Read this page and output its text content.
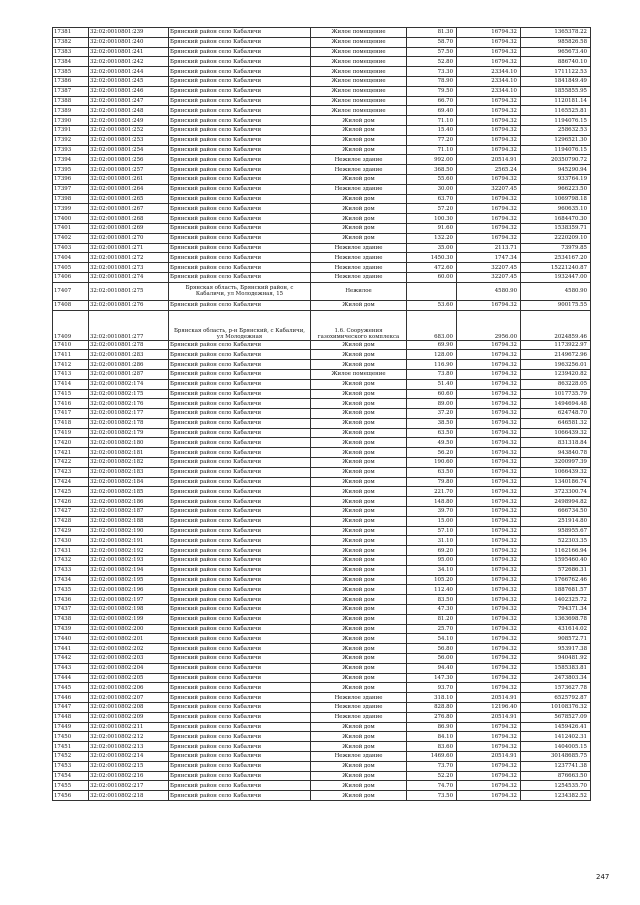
17381	32:02:0010801:239	Брянский район село Кабаличи	Жилое помещение	81.30	16794.32	1365378.22
17382	32:02:0010801:240	Брянский район село Кабаличи	Жилое помещение	58.70	16794.32	985826.58
17383	32:02:0010801:241	Брянский район село Кабаличи	Жилое помещение	57.50	16794.32	965673.40
17384	32:02:0010801:242	Брянский район село Кабаличи	Жилое помещение	52.80	16794.32	886740.10
17385	32:02:0010801:244	Брянский район село Кабаличи	Жилое помещение	73.30	23344.10	1711122.53
17386	32:02:0010801:245	Брянский район село Кабаличи	Жилое помещение	78.90	23344.10	1841849.49
17387	32:02:0010801:246	Брянский район село Кабаличи	Жилое помещение	79.50	23344.10	1855855.95
17388	32:02:0010801:247	Брянский район село Кабаличи	Жилое помещение	66.70	16794.32	1120181.14
17389	32:02:0010801:248	Брянский район село Кабаличи	Жилое помещение	69.40	16794.32	1165525.81
17390	32:02:0010801:249	Брянский район село Кабаличи	Жилой дом	71.10	16794.32	1194076.15
17391	32:02:0010801:252	Брянский район село Кабаличи	Жилой дом	15.40	16794.32	258632.53
17392	32:02:0010801:253	Брянский район село Кабаличи	Жилой дом	77.20	16794.32	1296521.30
17393	32:02:0010801:254	Брянский район село Кабаличи	Жилой дом	71.10	16794.32	1194076.15
17394	32:02:0010801:256	Брянский район село Кабаличи	Нежилое здание	992.00	20514.91	20350790.72
17395	32:02:0010801:257	Брянский район село Кабаличи	Нежилое здание	368.50	2565.24	945290.94
17396	32:02:0010801:261	Брянский район село Кабаличи	Жилой дом	55.60	16794.32	933764.19
17397	32:02:0010801:264	Брянский район село Кабаличи	Нежилое здание	30.00	32207.45	966223.50
17398	32:02:0010801:265	Брянский район село Кабаличи	Жилой дом	63.70	16794.32	1069798.18
17399	32:02:0010801:267	Брянский район село Кабаличи	Жилой дом	57.20	16794.32	960635.10
17400	32:02:0010801:268	Брянский район село Кабаличи	Жилой дом	100.30	16794.32	1684470.30
17401	32:02:0010801:269	Брянский район село Кабаличи	Жилой дом	91.60	16794.32	1538359.71
17402	32:02:0010801:270	Брянский район село Кабаличи	Жилой дом	132.20	16794.32	2220209.10
17403	32:02:0010801:271	Брянский район село Кабаличи	Нежилое здание	35.00	2113.71	73979.85
17404	32:02:0010801:272	Брянский район село Кабаличи	Нежилое здание	1450.30	1747.34	2534167.20
17405	32:02:0010801:273	Брянский район село Кабаличи	Нежилое здание	472.60	32207.45	15221240.87
17406	32:02:0010801:274	Брянский район село Кабаличи	Нежилое здание	60.00	32207.45	1932447.00
17407	32:02:0010801:275	Брянская область, Брянский район, с Кабаличи, ул Молодежная, 15	Нежилое		4580.90	4580.90
17408	32:02:0010801:276	Брянский район село Кабаличи	Жилой дом	53.60	16794.32	900175.55
17409	32:02:0010801:277	Брянская область, р-н Брянский, с Кабаличи, ул Молодежная	1.6. Сооружения газохимического комплекса	683.00	2956.00	2024859.46
17410	32:02:0010801:278	Брянский район село Кабаличи	Жилой дом	69.90	16794.32	1173922.97
17411	32:02:0010801:283	Брянский район село Кабаличи	Жилой дом	128.00	16794.32	2149672.96
17412	32:02:0010801:286	Брянский район село Кабаличи	Жилой дом	116.90	16794.32	1963256.01
17413	32:02:0010801:287	Брянский район село Кабаличи	Жилое помещение	73.80	16794.32	1239420.82
17414	32:02:0010802:174	Брянский район село Кабаличи	Жилой дом	51.40	16794.32	863228.05
17415	32:02:0010802:175	Брянский район село Кабаличи	Жилой дом	60.60	16794.32	1017735.79
17416	32:02:0010802:176	Брянский район село Кабаличи	Жилой дом	89.00	16794.32	1494694.48
17417	32:02:0010802:177	Брянский район село Кабаличи	Жилой дом	37.20	16794.32	624748.70
17418	32:02:0010802:178	Брянский район село Кабаличи	Жилой дом	38.50	16794.32	646581.32
17419	32:02:0010802:179	Брянский район село Кабаличи	Жилой дом	63.50	16794.32	1066439.32
17420	32:02:0010802:180	Брянский район село Кабаличи	Жилой дом	49.50	16794.32	831318.84
17421	32:02:0010802:181	Брянский район село Кабаличи	Жилой дом	56.20	16794.32	943840.78
17422	32:02:0010802:182	Брянский район село Кабаличи	Жилой дом	190.60	16794.32	3200997.39
17423	32:02:0010802:183	Брянский район село Кабаличи	Жилой дом	63.50	16794.32	1066439.32
17424	32:02:0010802:184	Брянский район село Кабаличи	Жилой дом	79.80	16794.32	1340186.74
17425	32:02:0010802:185	Брянский район село Кабаличи	Жилой дом	221.70	16794.32	3723300.74
17426	32:02:0010802:186	Брянский район село Кабаличи	Жилой дом	148.80	16794.32	2498994.82
17427	32:02:0010802:187	Брянский район село Кабаличи	Жилой дом	39.70	16794.32	666734.50
17428	32:02:0010802:188	Брянский район село Кабаличи	Жилой дом	15.00	16794.32	251914.80
17429	32:02:0010802:190	Брянский район село Кабаличи	Жилой дом	57.10	16794.32	958955.67
17430	32:02:0010802:191	Брянский район село Кабаличи	Жилой дом	31.10	16794.32	522303.35
17431	32:02:0010802:192	Брянский район село Кабаличи	Жилой дом	69.20	16794.32	1162166.94
17432	32:02:0010802:193	Брянский район село Кабаличи	Жилой дом	95.00	16794.32	1595460.40
17433	32:02:0010802:194	Брянский район село Кабаличи	Жилой дом	34.10	16794.32	572686.31
17434	32:02:0010802:195	Брянский район село Кабаличи	Жилой дом	105.20	16794.32	1766762.46
17435	32:02:0010802:196	Брянский район село Кабаличи	Жилой дом	112.40	16794.32	1887681.57
17436	32:02:0010802:197	Брянский район село Кабаличи	Жилой дом	83.50	16794.32	1402325.72
17437	32:02:0010802:198	Брянский район село Кабаличи	Жилой дом	47.30	16794.32	794371.34
17438	32:02:0010802:199	Брянский район село Кабаличи	Жилой дом	81.20	16794.32	1363698.78
17439	32:02:0010802:200	Брянский район село Кабаличи	Жилой дом	25.70	16794.32	431614.02
17440	32:02:0010802:201	Брянский район село Кабаличи	Жилой дом	54.10	16794.32	908572.71
17441	32:02:0010802:202	Брянский район село Кабаличи	Жилой дом	56.80	16794.32	953917.38
17442	32:02:0010802:203	Брянский район село Кабаличи	Жилой дом	56.00	16794.32	940481.92
17443	32:02:0010802:204	Брянский район село Кабаличи	Жилой дом	94.40	16794.32	1585383.81
17444	32:02:0010802:205	Брянский район село Кабаличи	Жилой дом	147.30	16794.32	2473803.34
17445	32:02:0010802:206	Брянский район село Кабаличи	Жилой дом	93.70	16794.32	1573627.78
17446	32:02:0010802:207	Брянский район село Кабаличи	Нежилое здание	318.10	20514.91	6525792.87
17447	32:02:0010802:208	Брянский район село Кабаличи	Нежилое здание	828.80	12196.40	10108376.32
17448	32:02:0010802:209	Брянский район село Кабаличи	Нежилое здание	276.80	20514.91	5678527.09
17449	32:02:0010802:211	Брянский район село Кабаличи	Жилой дом	86.90	16794.32	1459426.41
17450	32:02:0010802:212	Брянский район село Кабаличи	Жилой дом	84.10	16794.32	1412402.31
17451	32:02:0010802:213	Брянский район село Кабаличи	Жилой дом	83.60	16794.32	1404005.15
17452	32:02:0010802:214	Брянский район село Кабаличи	Нежилое здание	1469.60	20514.91	30148685.75
17453	32:02:0010802:215	Брянский район село Кабаличи	Жилой дом	73.70	16794.32	1237741.38
17454	32:02:0010802:216	Брянский район село Кабаличи	Жилой дом	52.20	16794.32	876663.50
17455	32:02:0010802:217	Брянский район село Кабаличи	Жилой дом	74.70	16794.32	1254535.70
17456	32:02:0010802:218	Брянский район село Кабаличи	Жилой дом	73.50	16794.32	1234382.52
247
